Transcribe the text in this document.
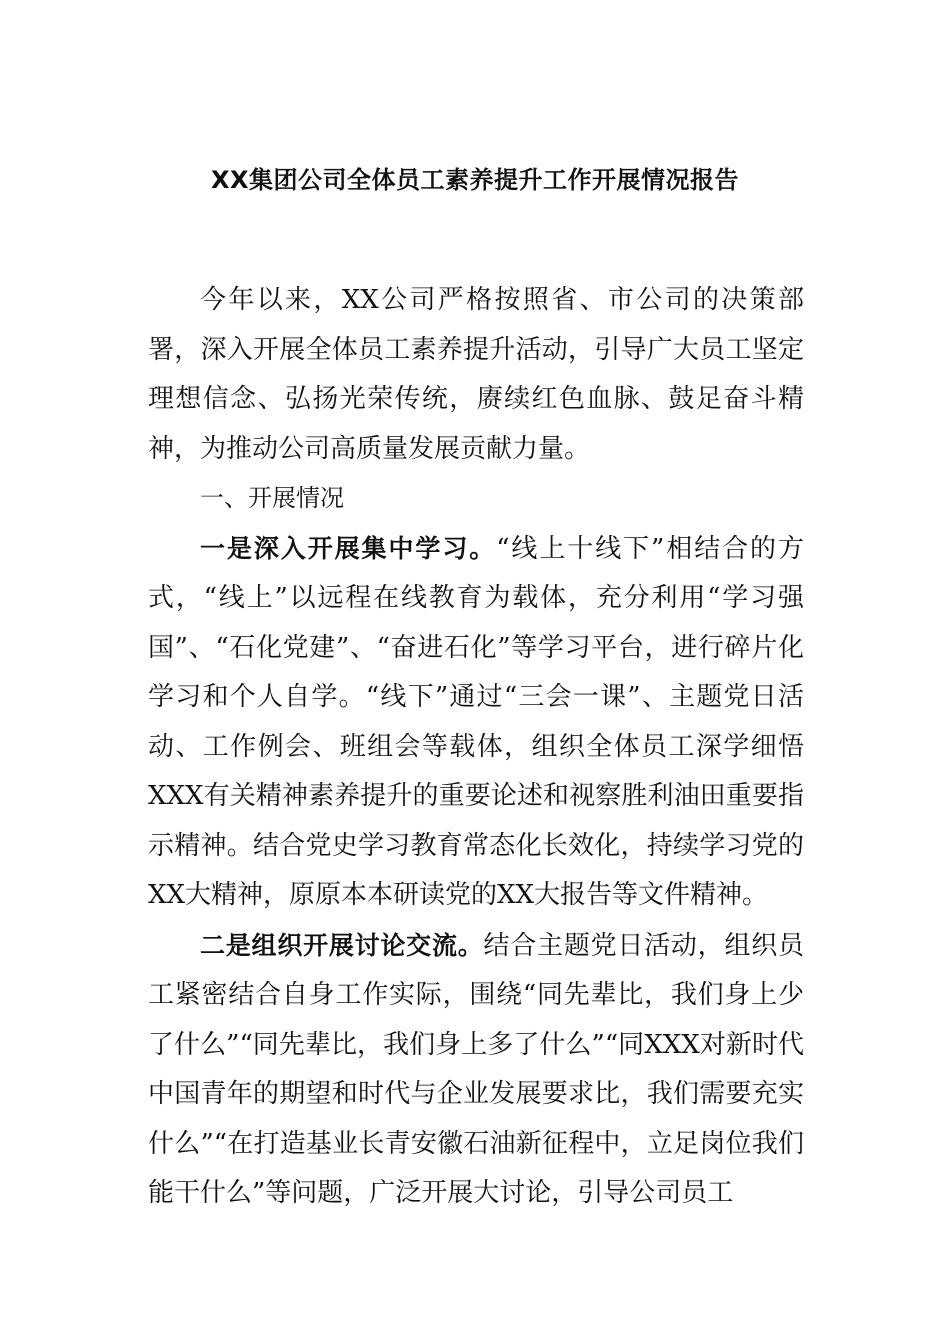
XX集团公司全体员工素养提升工作开展情况报告

今年以来，XX公司严格按照省、市公司的决策部署，深入开展全体员工素养提升活动，引导广大员工坚定理想信念、弘扬光荣传统，赓续红色血脉、鼓足奋斗精神，为推动公司高质量发展贡献力量。

一、开展情况

一是深入开展集中学习。“线上十线下”相结合的方式，“线上”以远程在线教育为载体，充分利用“学习强国”、“石化党建”、“奋进石化”等学习平台，进行碎片化学习和个人自学。“线下”通过“三会一课”、主题党日活动、工作例会、班组会等载体，组织全体员工深学细悟XXX有关精神素养提升的重要论述和视察胜利油田重要指示精神。结合党史学习教育常态化长效化，持续学习党的XX大精神，原原本本研读党的XX大报告等文件精神。

二是组织开展讨论交流。结合主题党日活动，组织员工紧密结合自身工作实际，围绕“同先辈比，我们身上少了什么”“同先辈比，我们身上多了什么”“同XXX对新时代中国青年的期望和时代与企业发展要求比，我们需要充实什么”“在打造基业长青安徽石油新征程中，立足岗位我们能干什么”等问题，广泛开展大讨论，引导公司员工
